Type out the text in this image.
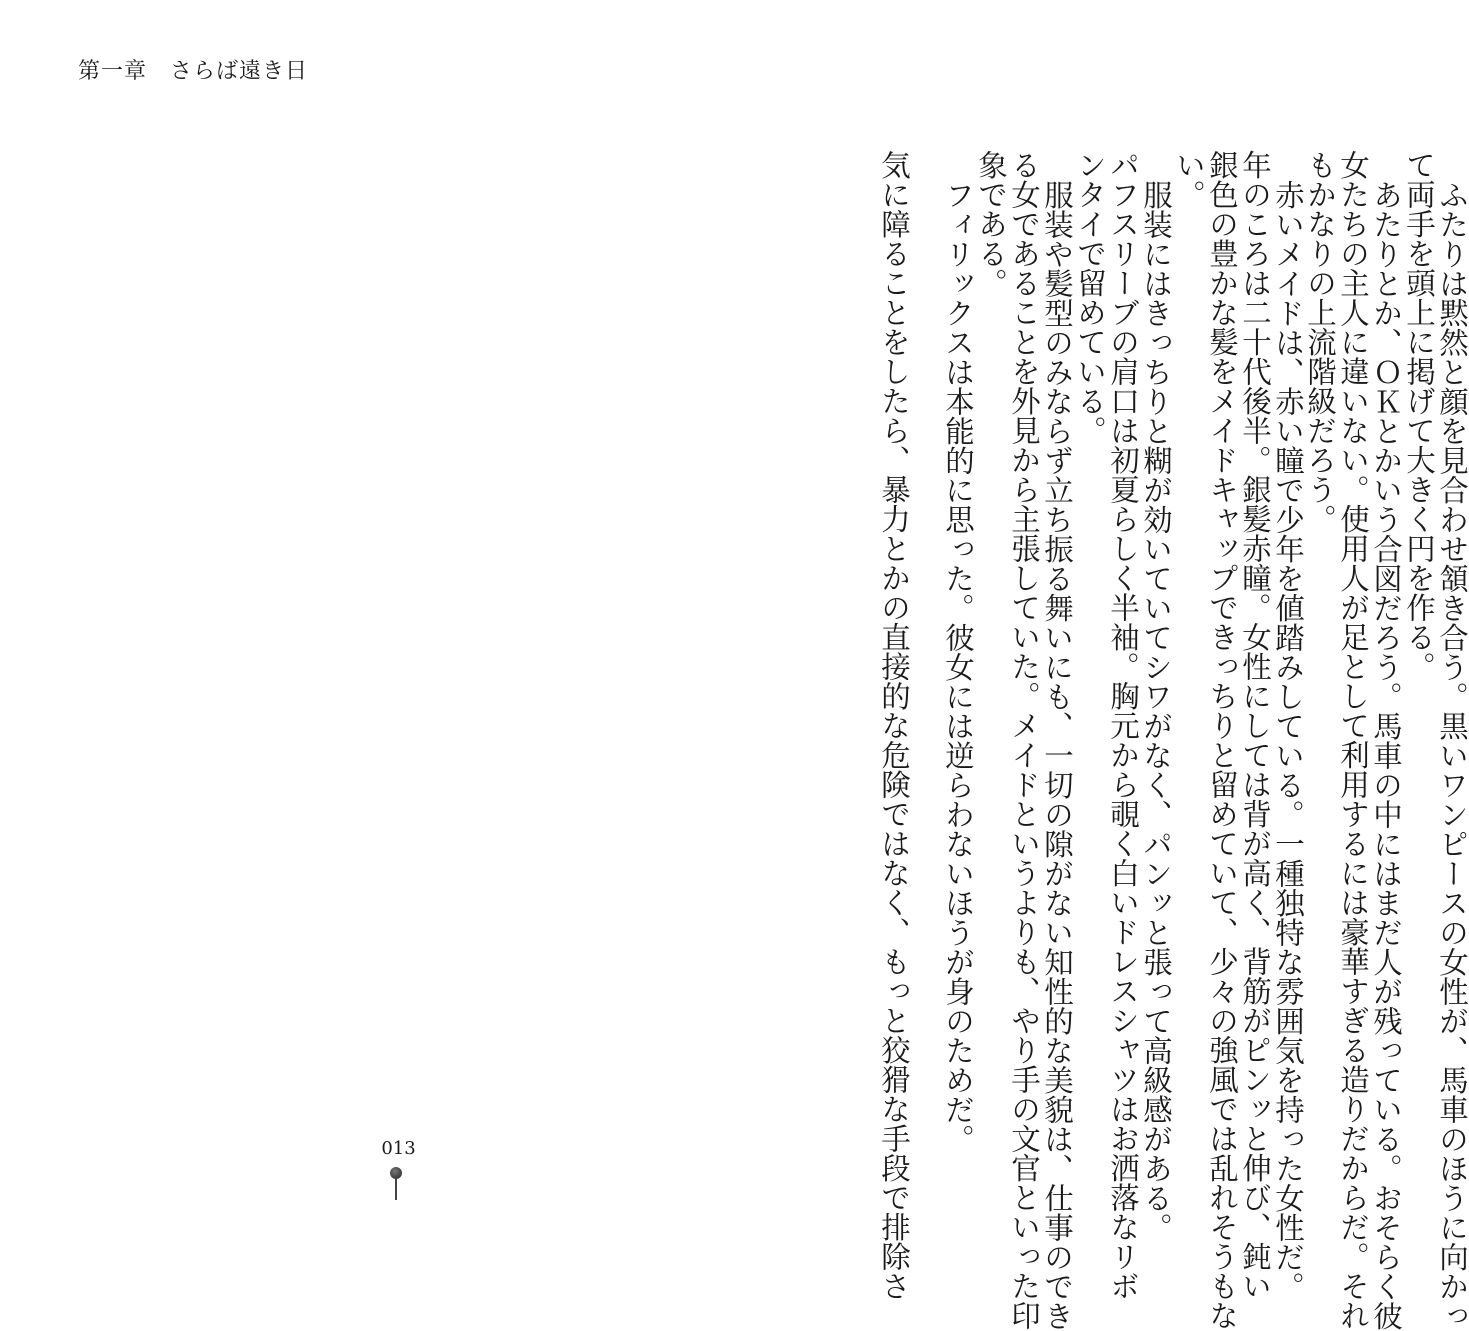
第一章　さらば遠き日
ふたりは黙然と顔を見合わせ頷き合う。黒いワンピースの女性が、馬車のほうに向かっ
て両手を頭上に掲げて大きく円を作る。
あたりとか、ＯＫとかいう合図だろう。馬車の中にはまだ人が残っている。おそらく彼
女たちの主人に違いない。使用人が足として利用するには豪華すぎる造りだからだ。それ
もかなりの上流階級だろう。
赤いメイドは、赤い瞳で少年を値踏みしている。一種独特な雰囲気を持った女性だ。
年のころは二十代後半。銀髪赤瞳。女性にしては背が高く、背筋がピンッと伸び、鈍い
銀色の豊かな髪をメイドキャップできっちりと留めていて、少々の強風では乱れそうもな
い。
服装にはきっちりと糊が効いていてシワがなく、パンッと張って高級感がある。
パフスリーブの肩口は初夏らしく半袖。胸元から覗く白いドレスシャツはお洒落なリボ
ンタイで留めている。
服装や髪型のみならず立ち振る舞いにも、一切の隙がない知性的な美貌は、仕事のでき
る女であることを外見から主張していた。メイドというよりも、やり手の文官といった印
象である。
フィリックスは本能的に思った。彼女には逆らわないほうが身のためだ。
気に障ることをしたら、暴力とかの直接的な危険ではなく、もっと狡猾な手段で排除さ
013
